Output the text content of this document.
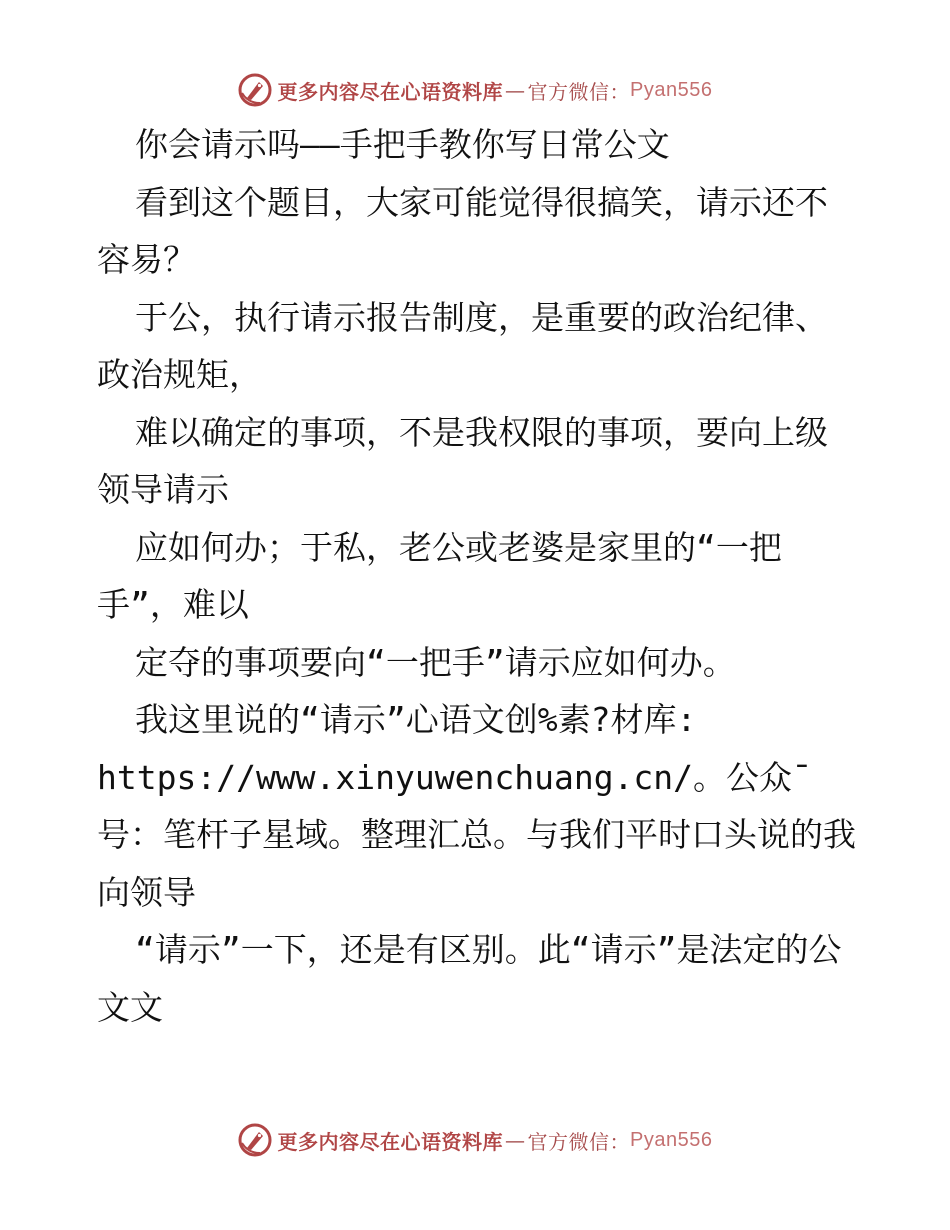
更多内容尽在心语资料库 — 官方微信： Pyan556

你会请示吗——手把手教你写日常公文

看到这个题目，大家可能觉得很搞笑，请示还不容易？

于公，执行请示报告制度，是重要的政治纪律、政治规矩，

难以确定的事项，不是我权限的事项，要向上级领导请示

应如何办；于私，老公或老婆是家里的“一把手”，难以

定夺的事项要向“一把手”请示应如何办。

我这里说的“请示”心语文创%素?材库:

https://www.xinyuwenchuang.cn/。公众¯号：笔杆子星域。整理汇总。与我们平时口头说的我向领导

“请示”一下，还是有区别。此“请示”是法定的公文文

更多内容尽在心语资料库 — 官方微信： Pyan556
